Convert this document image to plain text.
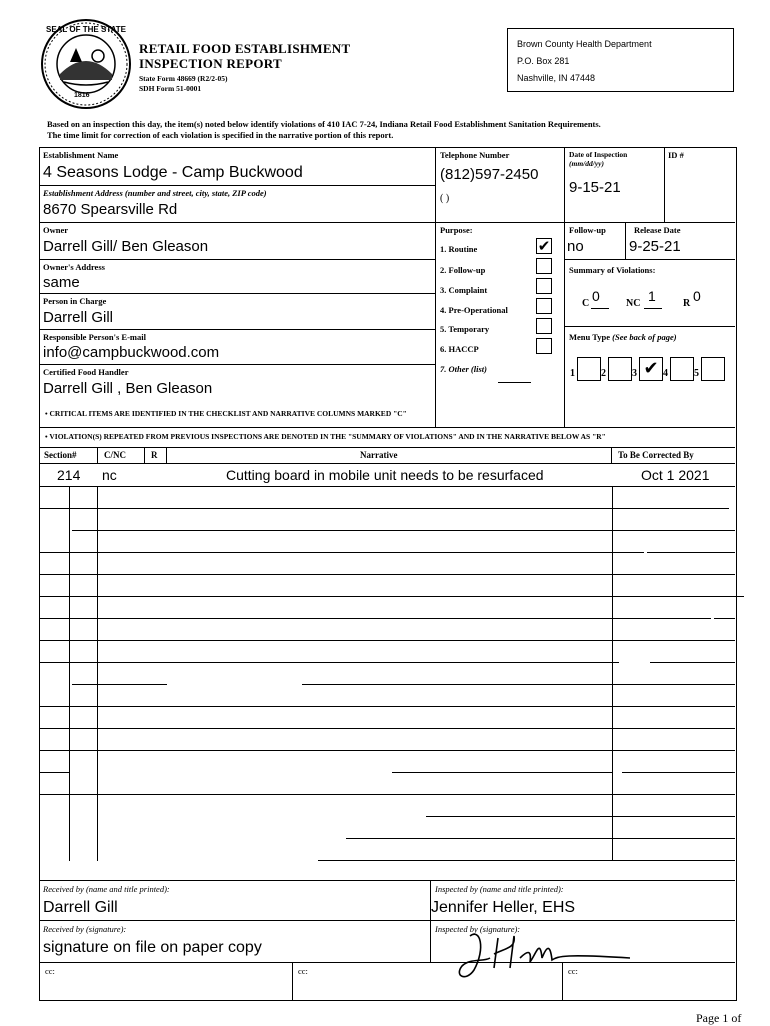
SEAL OF THE STATE
1816
RETAIL FOOD ESTABLISHMENT
INSPECTION REPORT
State Form 48669 (R2/2-05)
SDH Form 51-0001
Brown County Health Department
P.O. Box 281
Nashville, IN 47448
Based on an inspection this day, the item(s) noted below identify violations of 410 IAC 7-24, Indiana Retail Food Establishment Sanitation Requirements.
The time limit for correction of each violation is specified in the narrative portion of this report.
Establishment Name
4 Seasons Lodge - Camp Buckwood
Establishment Address (number and street, city, state, ZIP code)
8670 Spearsville Rd
Owner
Darrell Gill/ Ben Gleason
Owner's Address
same
Person in Charge
Darrell Gill
Responsible Person's E-mail
info@campbuckwood.com
Certified Food Handler
Darrell Gill , Ben Gleason
Telephone Number
(812)597-2450
( )
Purpose:
1. Routine
2. Follow-up
3. Complaint
4. Pre-Operational
5. Temporary
6. HACCP
7. Other (list)
✔
Date of Inspection
(mm/dd/yy)
9-15-21
ID #
Follow-up
no
Release Date
9-25-21
Summary of Violations:
C 0	NC 1	R 0
Menu Type (See back of page)
1	2	3 ✔ 4	5
• CRITICAL ITEMS ARE IDENTIFIED IN THE CHECKLIST AND NARRATIVE COLUMNS MARKED "C"
• VIOLATION(S) REPEATED FROM PREVIOUS INSPECTIONS ARE DENOTED IN THE "SUMMARY OF VIOLATIONS" AND IN THE NARRATIVE BELOW AS "R"
Section#	C/NC	R	Narrative	To Be Corrected By
214 nc	Cutting board in mobile unit needs to be resurfaced	Oct 1 2021
Received by (name and title printed):
Darrell Gill
Inspected by (name and title printed):
Jennifer Heller, EHS
Received by (signature):
signature on file on paper copy
Inspected by (signature):
cc:	cc:	cc:
Page 1 of
